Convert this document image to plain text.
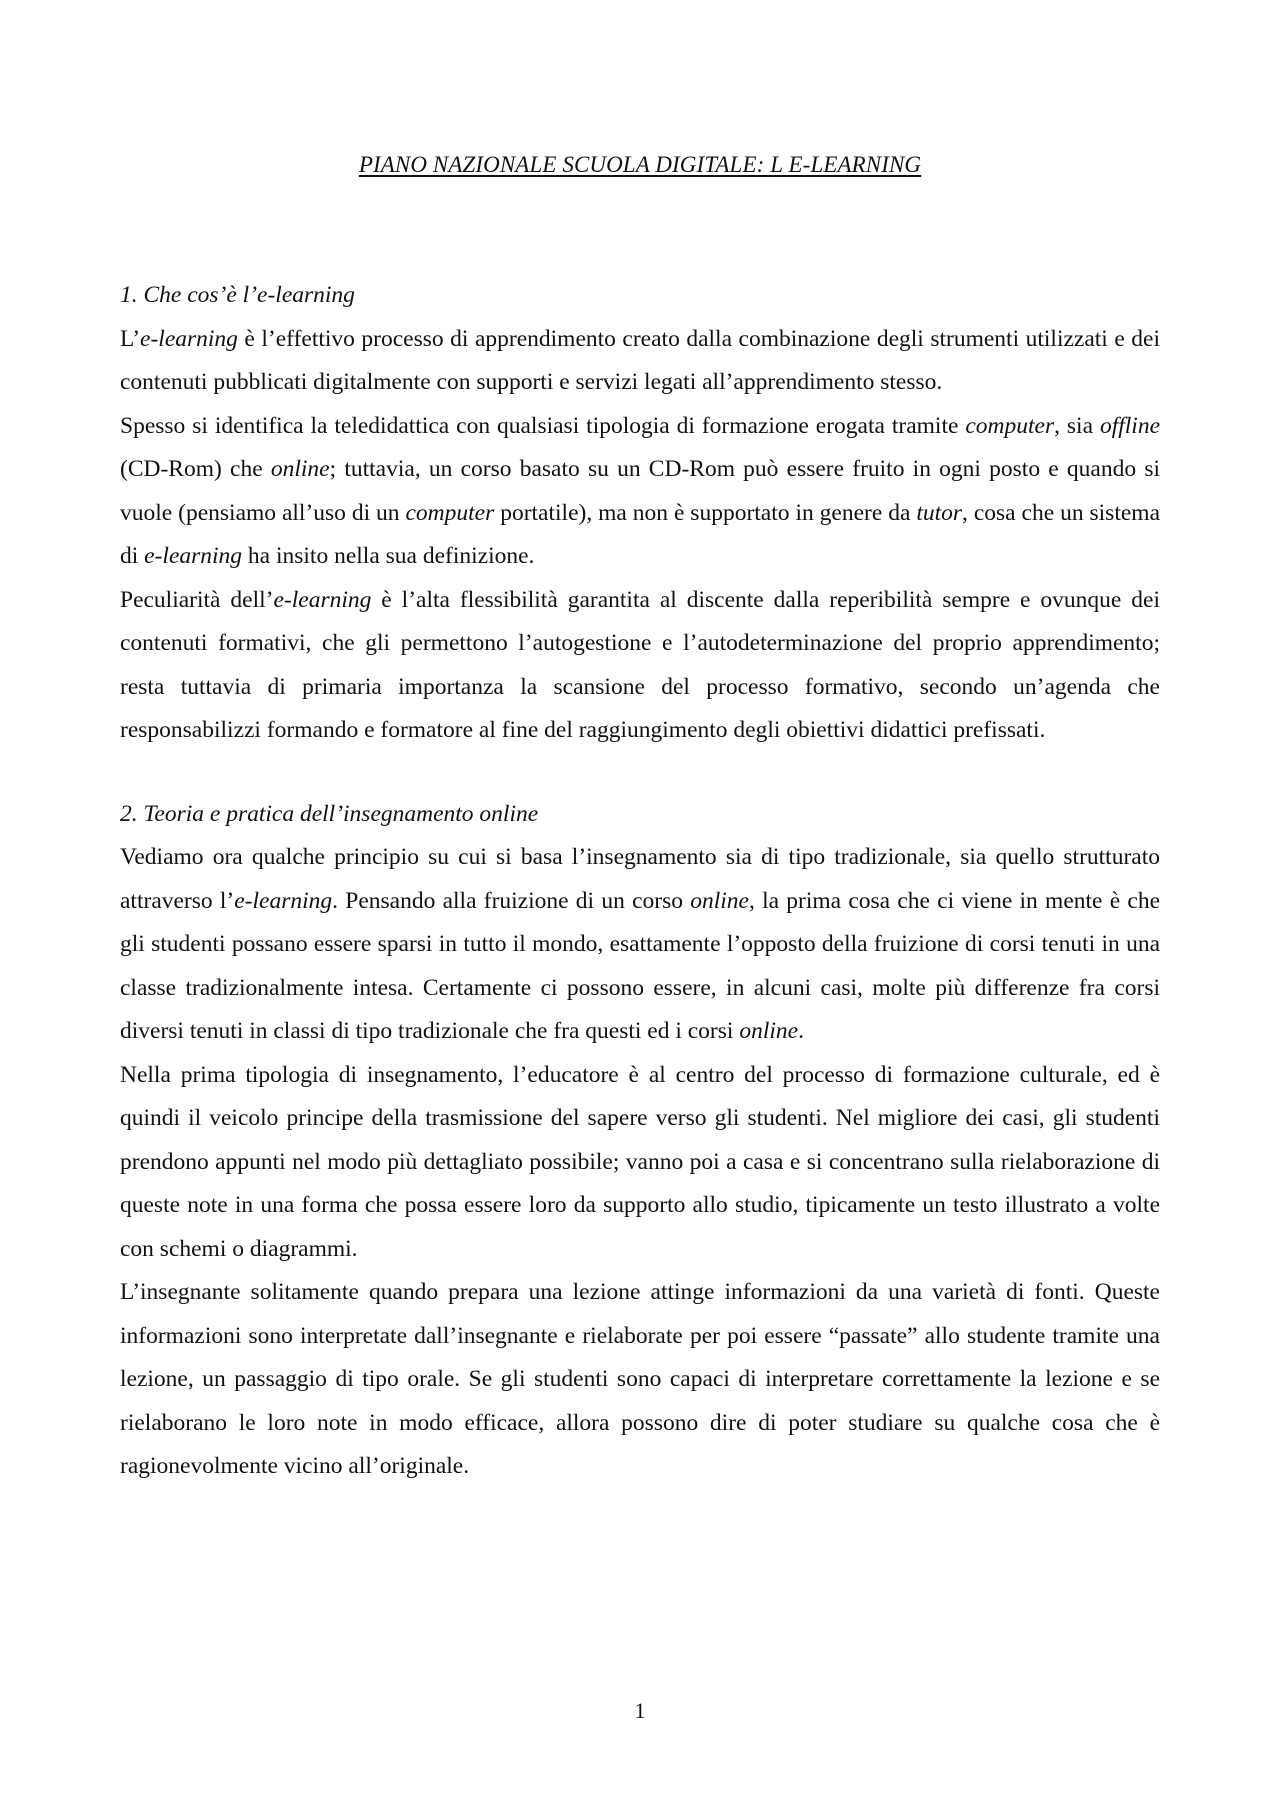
PIANO NAZIONALE SCUOLA DIGITALE: L E-LEARNING
1. Che cos’è l’e-learning

L’e-learning è l’effettivo processo di apprendimento creato dalla combinazione degli strumenti utilizzati e dei contenuti pubblicati digitalmente con supporti e servizi legati all’apprendimento stesso.

Spesso si identifica la teledidattica con qualsiasi tipologia di formazione erogata tramite computer, sia offline (CD-Rom) che online; tuttavia, un corso basato su un CD-Rom può essere fruito in ogni posto e quando si vuole (pensiamo all’uso di un computer portatile), ma non è supportato in genere da tutor, cosa che un sistema di e-learning ha insito nella sua definizione.

Peculiarità dell’e-learning è l’alta flessibilità garantita al discente dalla reperibilità sempre e ovunque dei contenuti formativi, che gli permettono l’autogestione e l’autodeterminazione del proprio apprendimento; resta tuttavia di primaria importanza la scansione del processo formativo, secondo un’agenda che responsabilizzi formando e formatore al fine del raggiungimento degli obiettivi didattici prefissati.

2. Teoria e pratica dell’insegnamento online

Vediamo ora qualche principio su cui si basa l’insegnamento sia di tipo tradizionale, sia quello strutturato attraverso l’e-learning. Pensando alla fruizione di un corso online, la prima cosa che ci viene in mente è che gli studenti possano essere sparsi in tutto il mondo, esattamente l’opposto della fruizione di corsi tenuti in una classe tradizionalmente intesa. Certamente ci possono essere, in alcuni casi, molte più differenze fra corsi diversi tenuti in classi di tipo tradizionale che fra questi ed i corsi online.

Nella prima tipologia di insegnamento, l’educatore è al centro del processo di formazione culturale, ed è quindi il veicolo principe della trasmissione del sapere verso gli studenti. Nel migliore dei casi, gli studenti prendono appunti nel modo più dettagliato possibile; vanno poi a casa e si concentrano sulla rielaborazione di queste note in una forma che possa essere loro da supporto allo studio, tipicamente un testo illustrato a volte con schemi o diagrammi.

L’insegnante solitamente quando prepara una lezione attinge informazioni da una varietà di fonti. Queste informazioni sono interpretate dall’insegnante e rielaborate per poi essere “passate” allo studente tramite una lezione, un passaggio di tipo orale. Se gli studenti sono capaci di interpretare correttamente la lezione e se rielaborano le loro note in modo efficace, allora possono dire di poter studiare su qualche cosa che è ragionevolmente vicino all’originale.

1
